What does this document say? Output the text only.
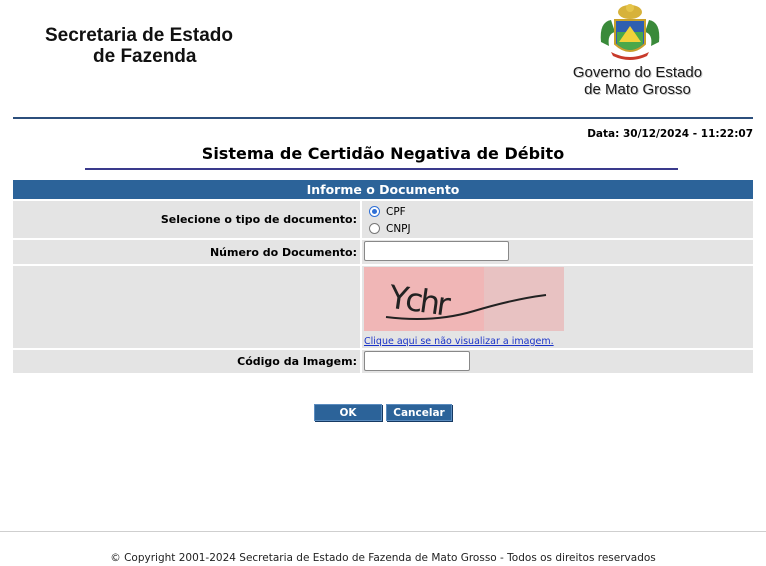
Secretaria de Estado
de Fazenda
Governo do Estado
de Mato Grosso
Data: 30/12/2024 - 11:22:07
Sistema de Certidão Negativa de Débito
Informe o Documento
Selecione o tipo de documento:
CPF
CNPJ
Número do Documento:
Ychr
Clique aqui se não visualizar a imagem.
Código da Imagem:
OK	Cancelar
© Copyright 2001-2024 Secretaria de Estado de Fazenda de Mato Grosso - Todos os direitos reservados
